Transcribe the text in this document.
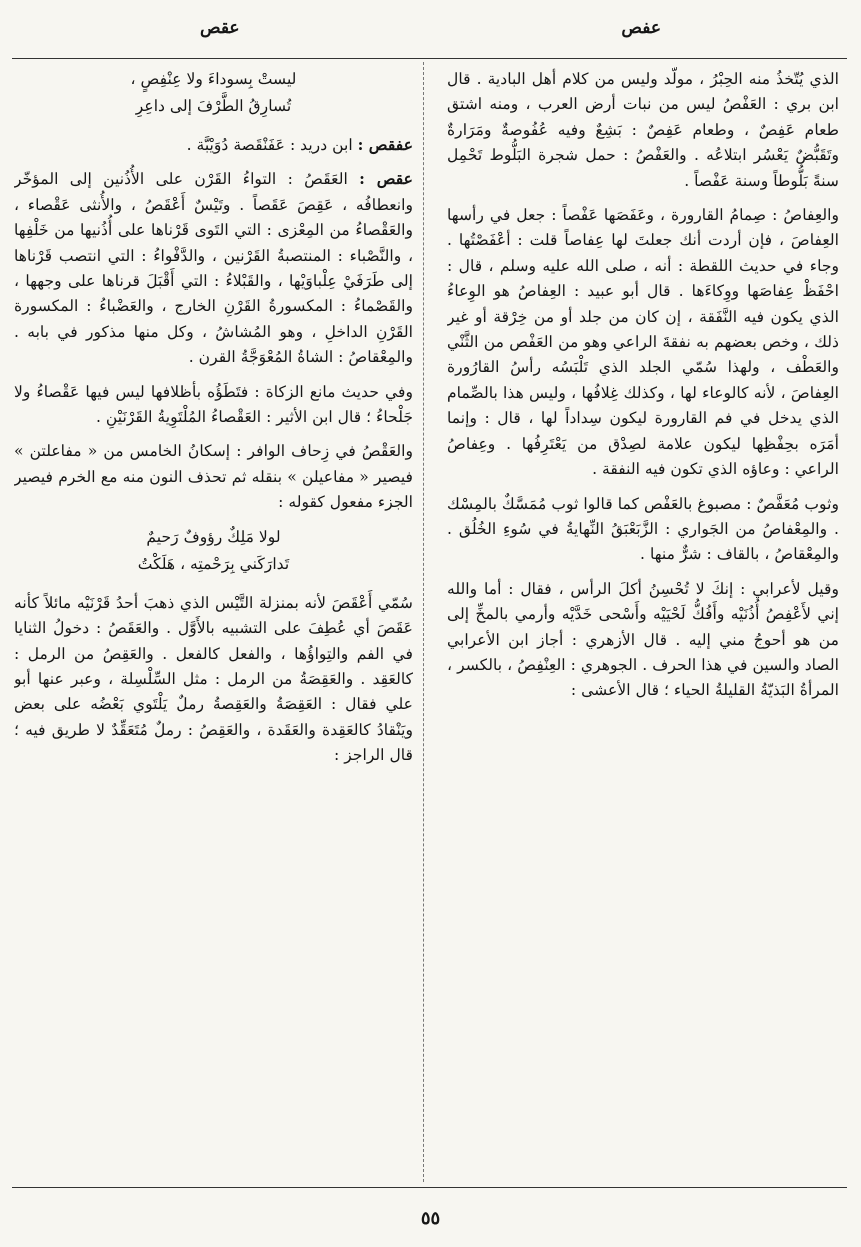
عفص
عقص

الذي يُتّخذُ منه الحِبْرُ ، مولّد وليس من كلام أهل البادية . قال ابن بري : العَفْصُ ليس من نبات أرض العرب ، ومنه اشتق طعام عَفِصٌ ، وطعام عَفِصٌ : بَشِعٌ وفيه عُفُوصةٌ ومَرَارةٌ وتَقَبُّضٌ يَعْسُر ابتلاعُه . والعَفْصُ : حمل شجرة البَلُّوط تَحْمِل سنةً بَلُّوطاً وسنة عَفْصاً .

والعِفاصُ : صِمامُ القارورة ، وعَفَصَها عَفْصاً : جعل في رأسها العِفاصَ ، فإن أردت أنك جعلتَ لها عِفاصاً قلت : أعْفَصْتُها . وجاء في حديث اللقطة : أنه ، صلى الله عليه وسلم ، قال : احْفَظْ عِفاصَها ووِكاءَها . قال أبو عبيد : العِفاصُ هو الوِعاءُ الذي يكون فيه النَّفَقة ، إن كان من جلد أو من خِرْقة أو غير ذلك ، وخص بعضهم به نفقةَ الراعي وهو من العَفْص من الثَّنْي والعَطْف ، ولهذا سُمّي الجلد الذي تَلْبَسُه رأسُ القارُورة العِفاصَ ، لأنه كالوعاء لها ، وكذلك غِلافُها ، وليس هذا بالصِّمام الذي يدخل في فم القارورة ليكون سِداداً لها ، قال : وإنما أمَرَه بحِفْظِها ليكون علامة لصِدْق من يَعْتَرِفُها . وعِفاصُ الراعي : وعاؤه الذي تكون فيه النفقة .

وثوب مُعَفَّصٌ : مصبوغ بالعَفْص كما قالوا ثوب مُمَسَّكٌ بالمِسْك . والمِعْفاصُ من الجَواري : الزَّبَعْبَقُ النِّهايةُ في سُوءِ الخُلُق . والمِعْقاصُ ، بالقاف : شرٌّ منها .

وقيل لأعرابي : إنكَ لا تُحْسِنُ أكلَ الرأس ، فقال : أما والله إني لأَعْفِصُ أُذُنَيْه وأَفُكُّ لَحْيَيْه وأَسْحى خَدَّيْه وأرمي بالمخِّ إلى من هو أحوجُ مني إليه . قال الأزهري : أجاز ابن الأعرابي الصاد والسين في هذا الحرف . الجوهري : العِنْفِصُ ، بالكسر ، المرأةُ البَذيّةُ القليلةُ الحياء ؛ قال الأعشى :

ليستْ بِسوداءَ ولا عِنْفِصٍ ،
تُسارِقُ الطَّرْفَ إلى داعِرِ

عفقص : ابن دريد : عَفَنْقَصة دُوَيْبَّة .

عقص : العَقَصُ : التواءُ القَرْن على الأُذُنين إلى المؤخّر وانعطافُه ، عَقِصَ عَقَصاً . وتَيْسٌ أَعْقَصُ ، والأُنثى عَقْصاء ، والعَقْصاءُ من المِعْزى : التي التَوى قَرْناها على أُذُنيها من خَلْفِها ، والنَّصْباء : المنتصبةُ القَرْنين ، والدَّفْواءُ : التي انتصب قَرْناها إلى طَرَفَيْ عِلْباوَيْها ، والقَبْلاءُ : التي أَقْبَلَ قرناها على وجهها ، والقَصْماءُ : المكسورةُ القَرْنِ الخارج ، والعَضْباءُ : المكسورة القَرْنِ الداخلِ ، وهو المُشاشُ ، وكل منها مذكور في بابه . والمِعْقاصُ : الشاةُ المُعْوَجَّةُ القرن .

وفي حديث مانع الزكاة : فتَطَؤُه بأظلافها ليس فيها عَقْصاءُ ولا جَلْحاءُ ؛ قال ابن الأثير : العَقْصاءُ المُلْتَوِيةُ القَرْنَيْنِ .

والعَقْصُ في زِحاف الوافر : إسكانُ الخامس من « مفاعلتن » فيصير « مفاعيلن » بنقله ثم تحذف النون منه مع الخرم فيصير الجزء مفعول كقوله :

لولا مَلِكٌ رؤوفٌ رَحيمٌ
تَدارَكَني بِرَحْمتِه ، هَلَكْتُ

سُمّي أَعْقَصَ لأنه بمنزلة التَّيْس الذي ذهبَ أحدُ قَرْنَيْه مائلاً كأنه عَقَصَ أي عُطِفَ على التشبيه بالأَوَّل . والعَقَصُ : دخولُ الثنايا في الفم والتِواؤُها ، والفعل كالفعل . والعَقِصُ من الرمل : كالعَقِد . والعَقِصَةُ من الرمل : مثل السِّلْسِلة ، وعبر عنها أبو علي فقال : العَقِصَةُ والعَقِصةُ رملٌ يَلْتَوي بَعْضُه على بعض ويَنْقادُ كالعَقِدة والعَقَدة ، والعَقِصُ : رملٌ مُتَعَقِّدٌ لا طريق فيه ؛ قال الراجز :

٥٥
